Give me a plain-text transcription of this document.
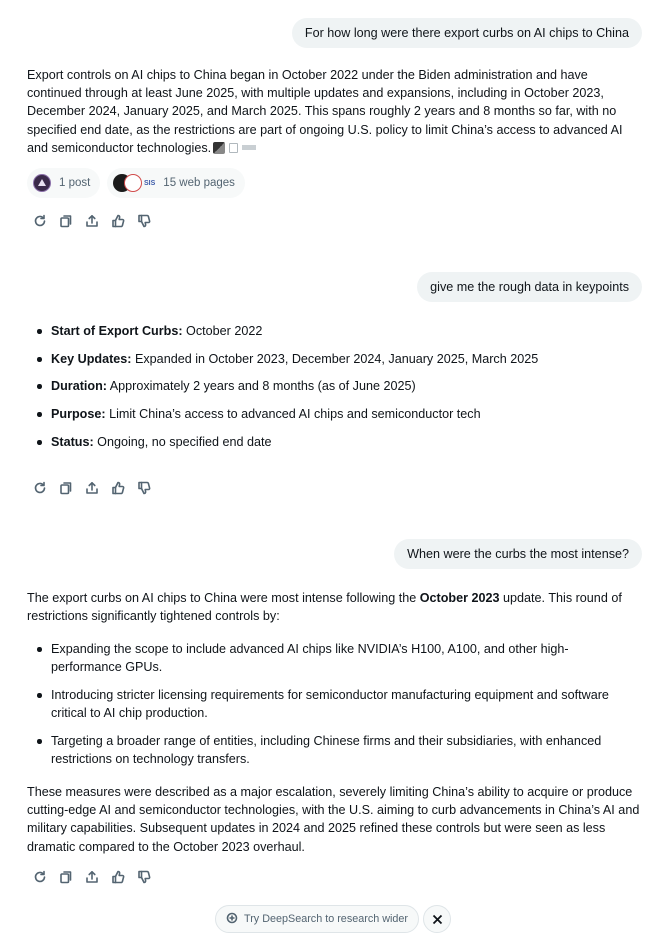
For how long were there export curbs on AI chips to China
Export controls on AI chips to China began in October 2022 under the Biden administration and have continued through at least June 2025, with multiple updates and expansions, including in October 2023, December 2024, January 2025, and March 2025. This spans roughly 2 years and 8 months so far, with no specified end date, as the restrictions are part of ongoing U.S. policy to limit China’s access to advanced AI and semiconductor technologies.
1 post	SIS 15 web pages
give me the rough data in keypoints
Start of Export Curbs: October 2022
Key Updates: Expanded in October 2023, December 2024, January 2025, March 2025
Duration: Approximately 2 years and 8 months (as of June 2025)
Purpose: Limit China’s access to advanced AI chips and semiconductor tech
Status: Ongoing, no specified end date
When were the curbs the most intense?
The export curbs on AI chips to China were most intense following the October 2023 update. This round of restrictions significantly tightened controls by:
Expanding the scope to include advanced AI chips like NVIDIA’s H100, A100, and other high-performance GPUs.
Introducing stricter licensing requirements for semiconductor manufacturing equipment and software critical to AI chip production.
Targeting a broader range of entities, including Chinese firms and their subsidiaries, with enhanced restrictions on technology transfers.
These measures were described as a major escalation, severely limiting China’s ability to acquire or produce cutting-edge AI and semiconductor technologies, with the U.S. aiming to curb advancements in China’s AI and military capabilities. Subsequent updates in 2024 and 2025 refined these controls but were seen as less dramatic compared to the October 2023 overhaul.
Try DeepSearch to research wider
